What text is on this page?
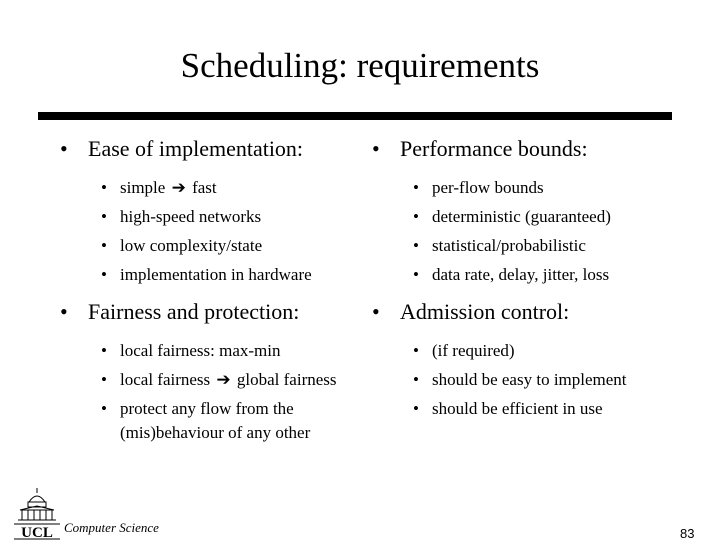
Scheduling: requirements
• Ease of implementation:
• simple ➔ fast
• high-speed networks
• low complexity/state
• implementation in hardware
• Fairness and protection:
• local fairness: max-min
• local fairness ➔ global fairness
• protect any flow from the (mis)behaviour of any other
• Performance bounds:
• per-flow bounds
• deterministic (guaranteed)
• statistical/probabilistic
• data rate, delay, jitter, loss
• Admission control:
• (if required)
• should be easy to implement
• should be efficient in use
UCL Computer Science	83
